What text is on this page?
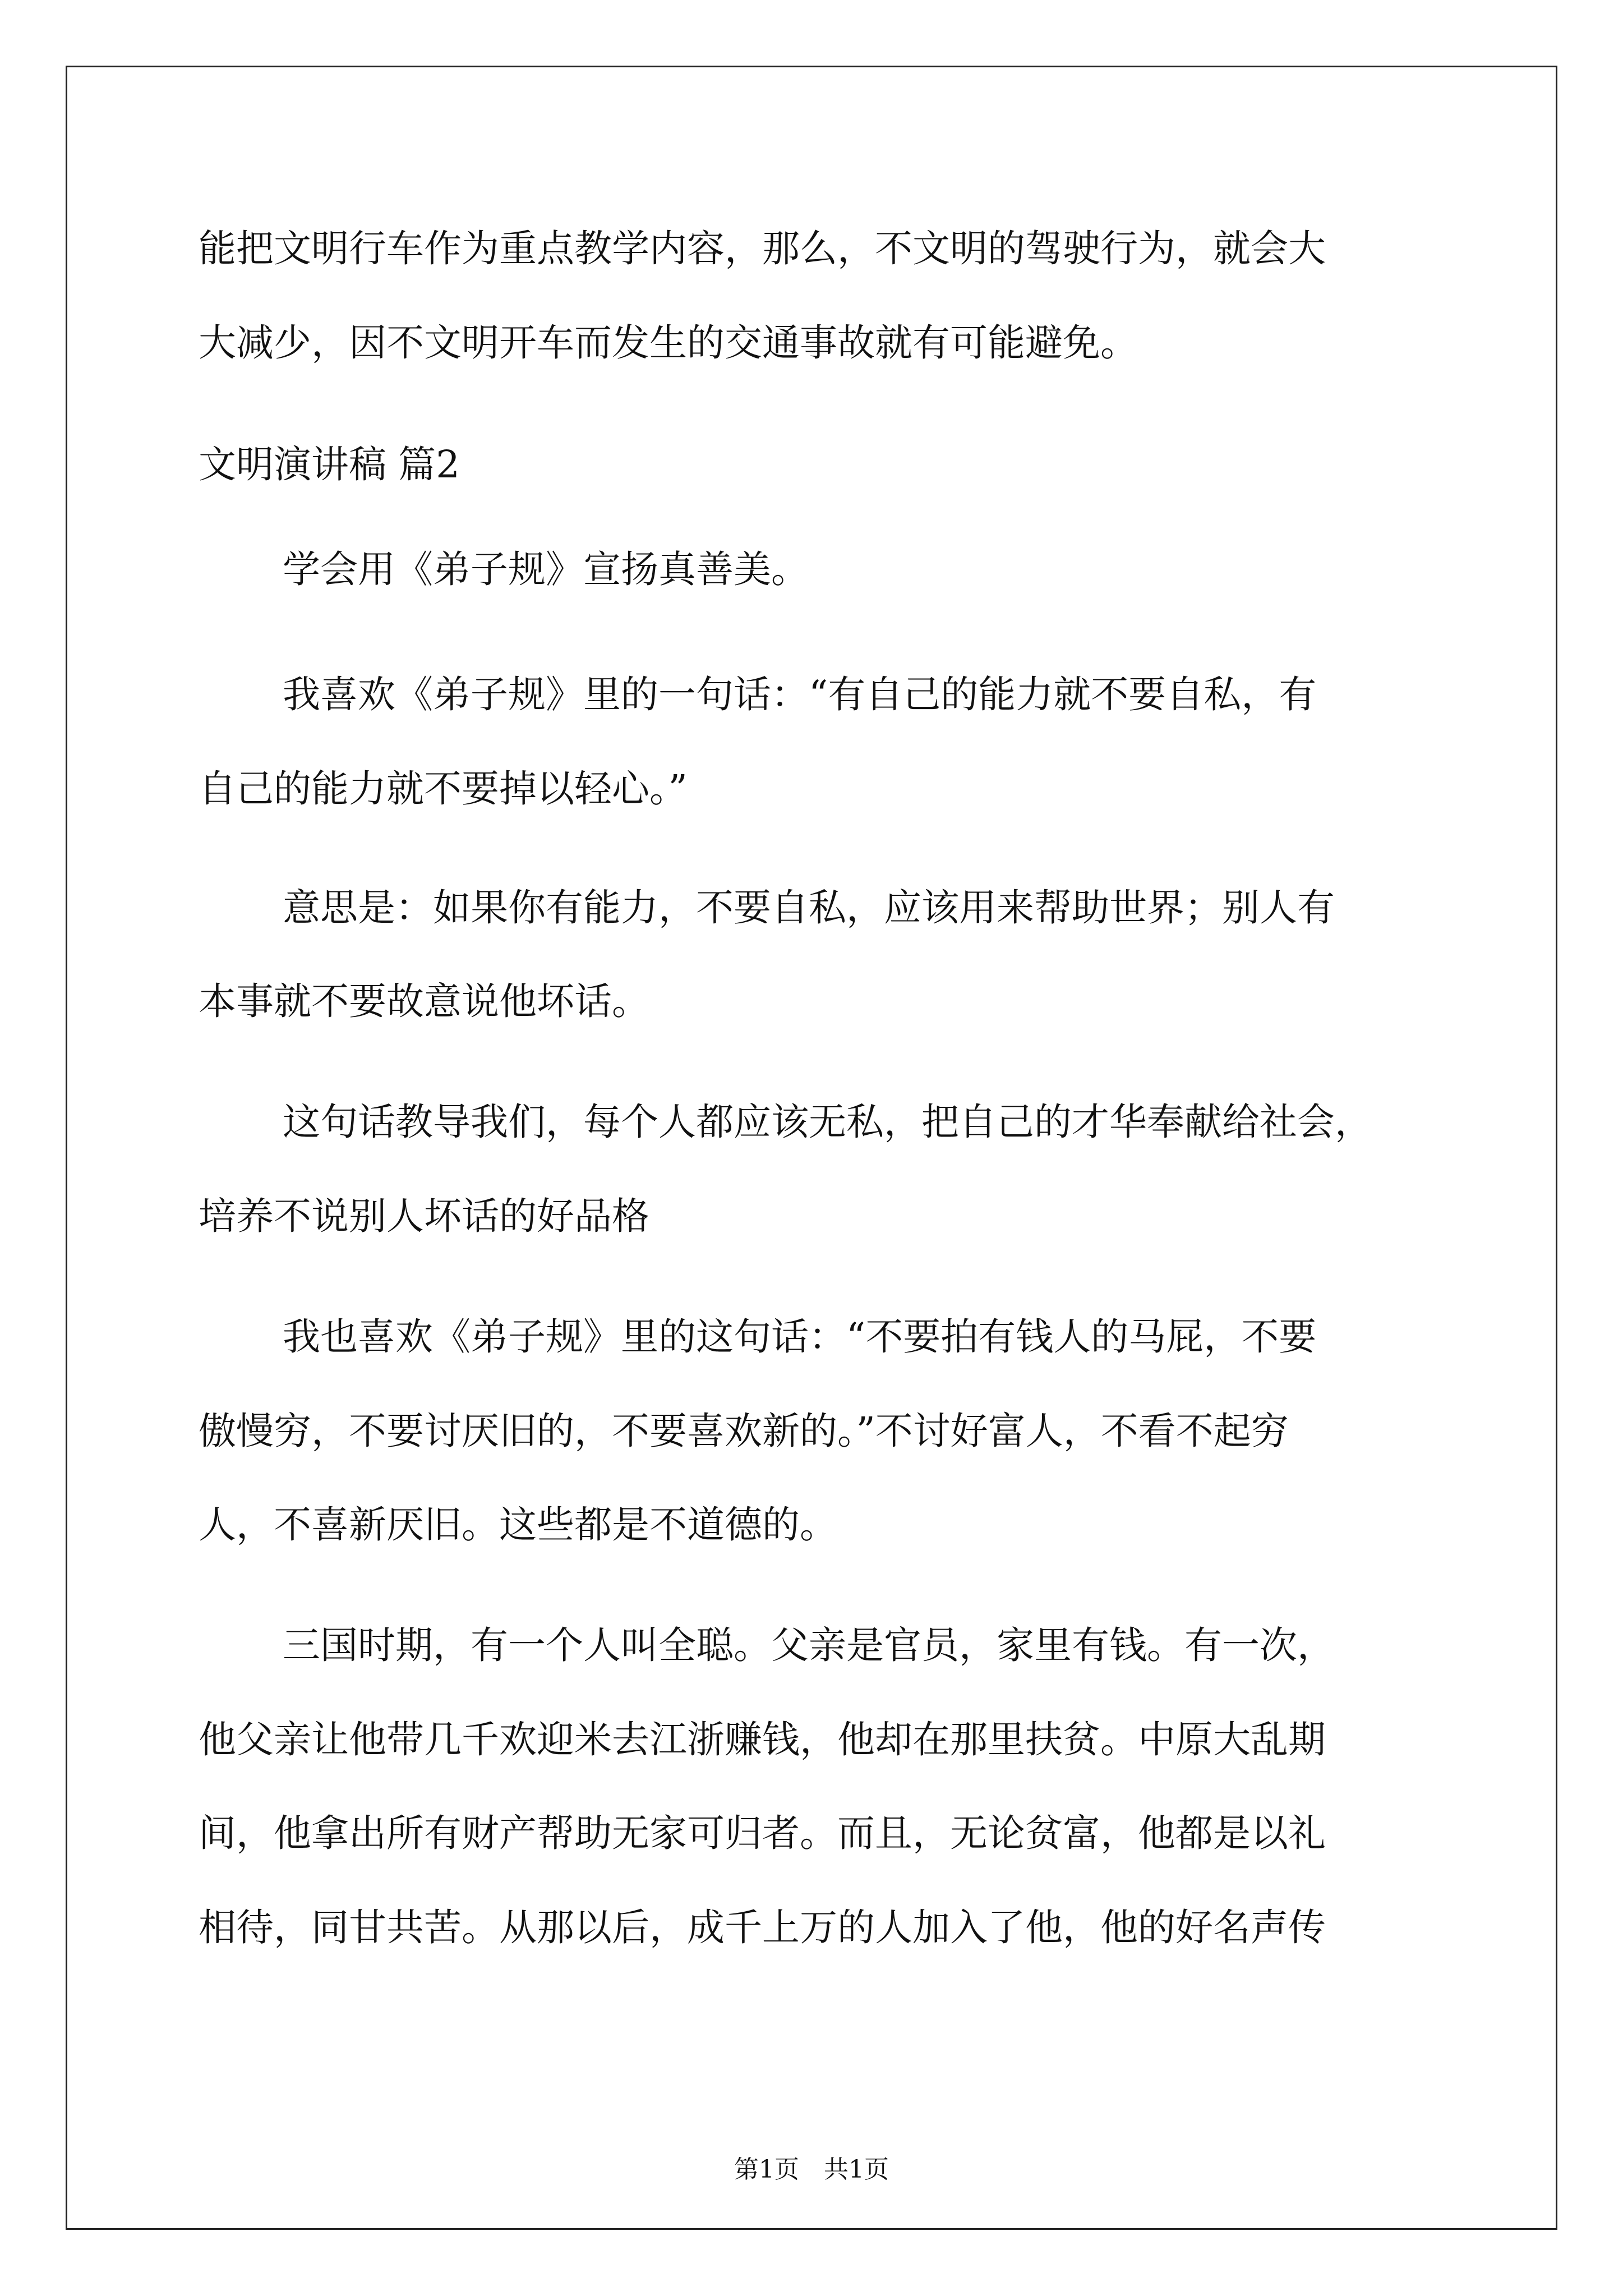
能把文明行车作为重点教学内容，那么，不文明的驾驶行为，就会大
大减少，因不文明开车而发生的交通事故就有可能避免。
文明演讲稿 篇2
学会用《弟子规》宣扬真善美。
我喜欢《弟子规》里的一句话：“有自己的能力就不要自私，有
自己的能力就不要掉以轻心。”
意思是：如果你有能力，不要自私，应该用来帮助世界；别人有
本事就不要故意说他坏话。
这句话教导我们，每个人都应该无私，把自己的才华奉献给社会，
培养不说别人坏话的好品格
我也喜欢《弟子规》里的这句话：“不要拍有钱人的马屁，不要
傲慢穷，不要讨厌旧的，不要喜欢新的。”不讨好富人，不看不起穷
人，不喜新厌旧。这些都是不道德的。
三国时期，有一个人叫全聪。父亲是官员，家里有钱。有一次，
他父亲让他带几千欢迎米去江浙赚钱，他却在那里扶贫。中原大乱期
间，他拿出所有财产帮助无家可归者。而且，无论贫富，他都是以礼
相待，同甘共苦。从那以后，成千上万的人加入了他，他的好名声传
第1页　共1页
